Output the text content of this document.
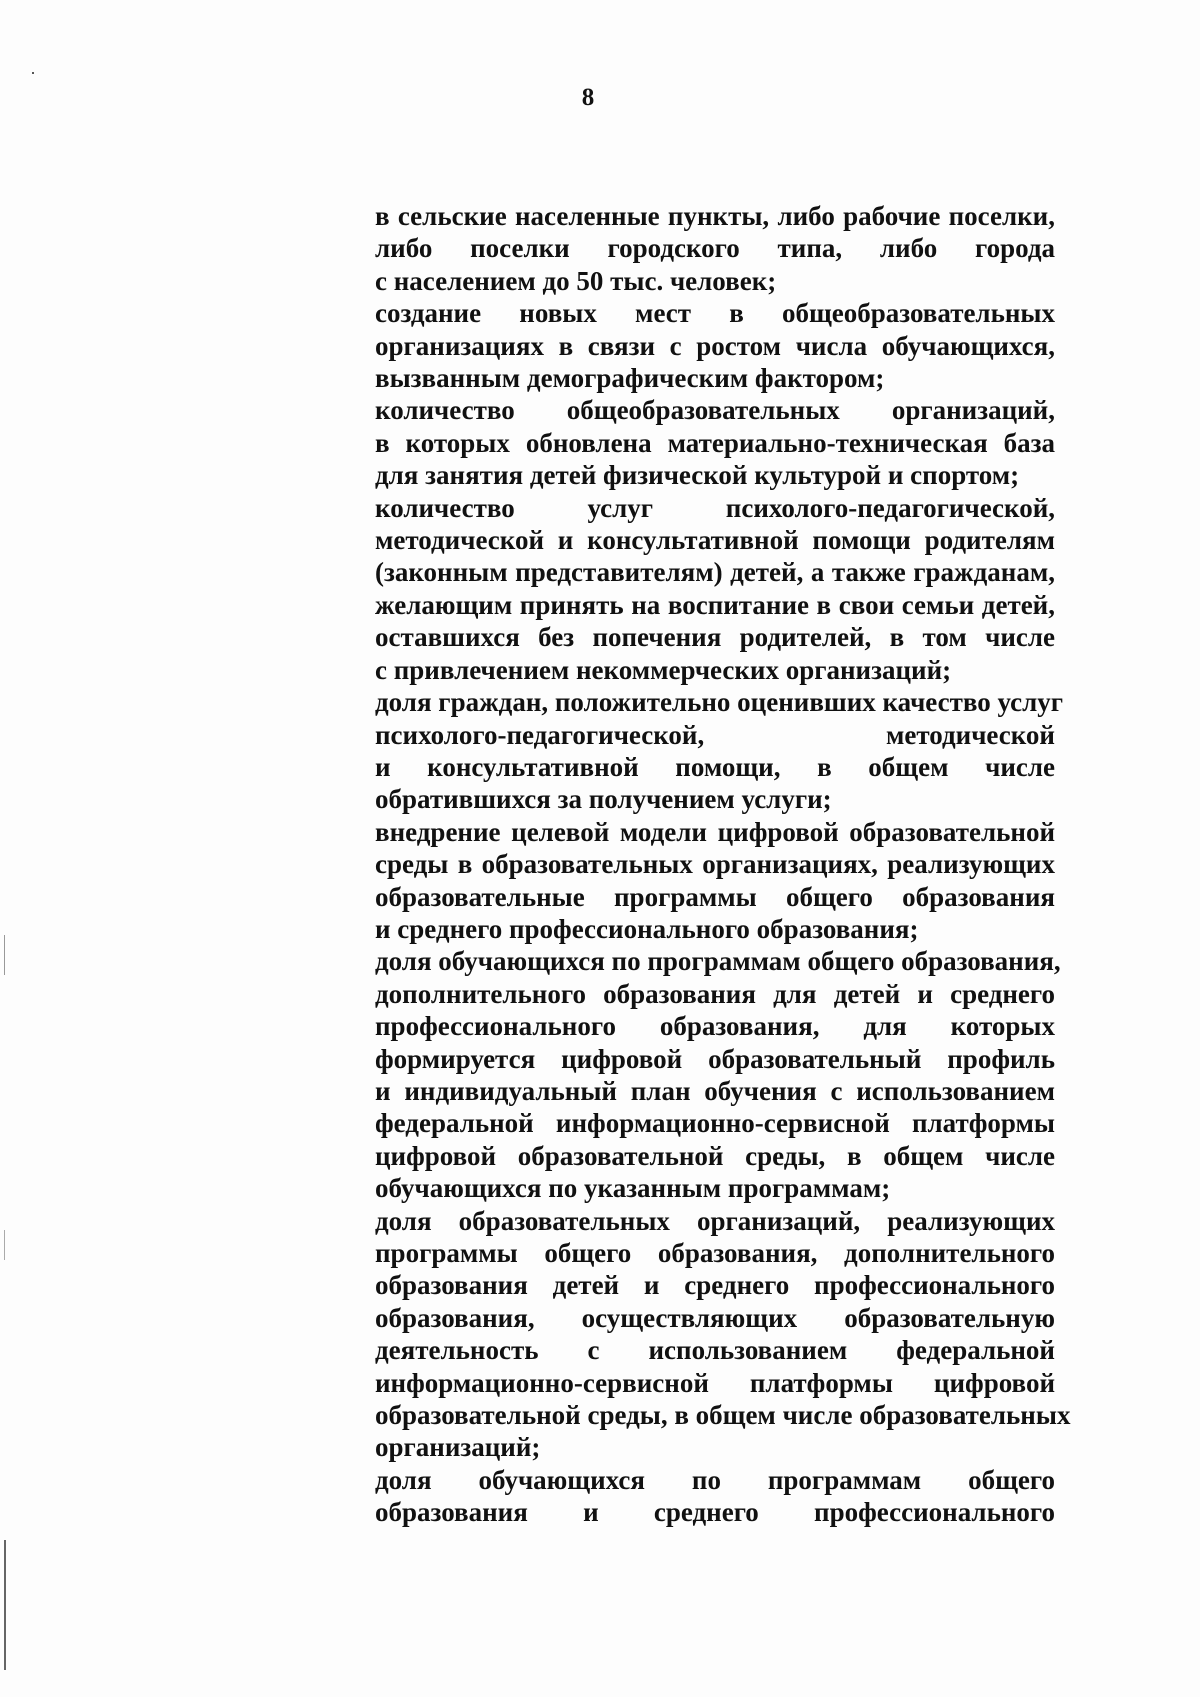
8
в сельские населенные пункты, либо рабочие поселки,
либо поселки городского типа, либо города
с населением до 50 тыс. человек;
создание новых мест в общеобразовательных
организациях в связи с ростом числа обучающихся,
вызванным демографическим фактором;
количество общеобразовательных организаций,
в которых обновлена материально-техническая база
для занятия детей физической культурой и спортом;
количество услуг психолого-педагогической,
методической и консультативной помощи родителям
(законным представителям) детей, а также гражданам,
желающим принять на воспитание в свои семьи детей,
оставшихся без попечения родителей, в том числе
с привлечением некоммерческих организаций;
доля граждан, положительно оценивших качество услуг
психолого-педагогической, методической
и консультативной помощи, в общем числе
обратившихся за получением услуги;
внедрение целевой модели цифровой образовательной
среды в образовательных организациях, реализующих
образовательные программы общего образования
и среднего профессионального образования;
доля обучающихся по программам общего образования,
дополнительного образования для детей и среднего
профессионального образования, для которых
формируется цифровой образовательный профиль
и индивидуальный план обучения с использованием
федеральной информационно-сервисной платформы
цифровой образовательной среды, в общем числе
обучающихся по указанным программам;
доля образовательных организаций, реализующих
программы общего образования, дополнительного
образования детей и среднего профессионального
образования, осуществляющих образовательную
деятельность с использованием федеральной
информационно-сервисной платформы цифровой
образовательной среды, в общем числе образовательных
организаций;
доля обучающихся по программам общего
образования и среднего профессионального
